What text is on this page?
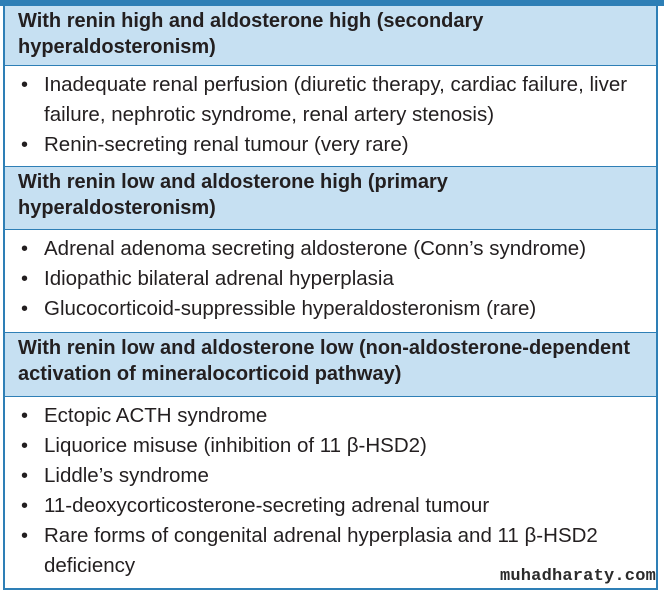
With renin high and aldosterone high (secondary hyperaldosteronism)
• Inadequate renal perfusion (diuretic therapy, cardiac failure, liver failure, nephrotic syndrome, renal artery stenosis)
• Renin-secreting renal tumour (very rare)
With renin low and aldosterone high (primary hyperaldosteronism)
• Adrenal adenoma secreting aldosterone (Conn’s syndrome)
• Idiopathic bilateral adrenal hyperplasia
• Glucocorticoid-suppressible hyperaldosteronism (rare)
With renin low and aldosterone low (non-aldosterone-dependent activation of mineralocorticoid pathway)
• Ectopic ACTH syndrome
• Liquorice misuse (inhibition of 11 β-HSD2)
• Liddle’s syndrome
• 11-deoxycorticosterone-secreting adrenal tumour
• Rare forms of congenital adrenal hyperplasia and 11 β-HSD2 deficiency	muhadharaty.com
